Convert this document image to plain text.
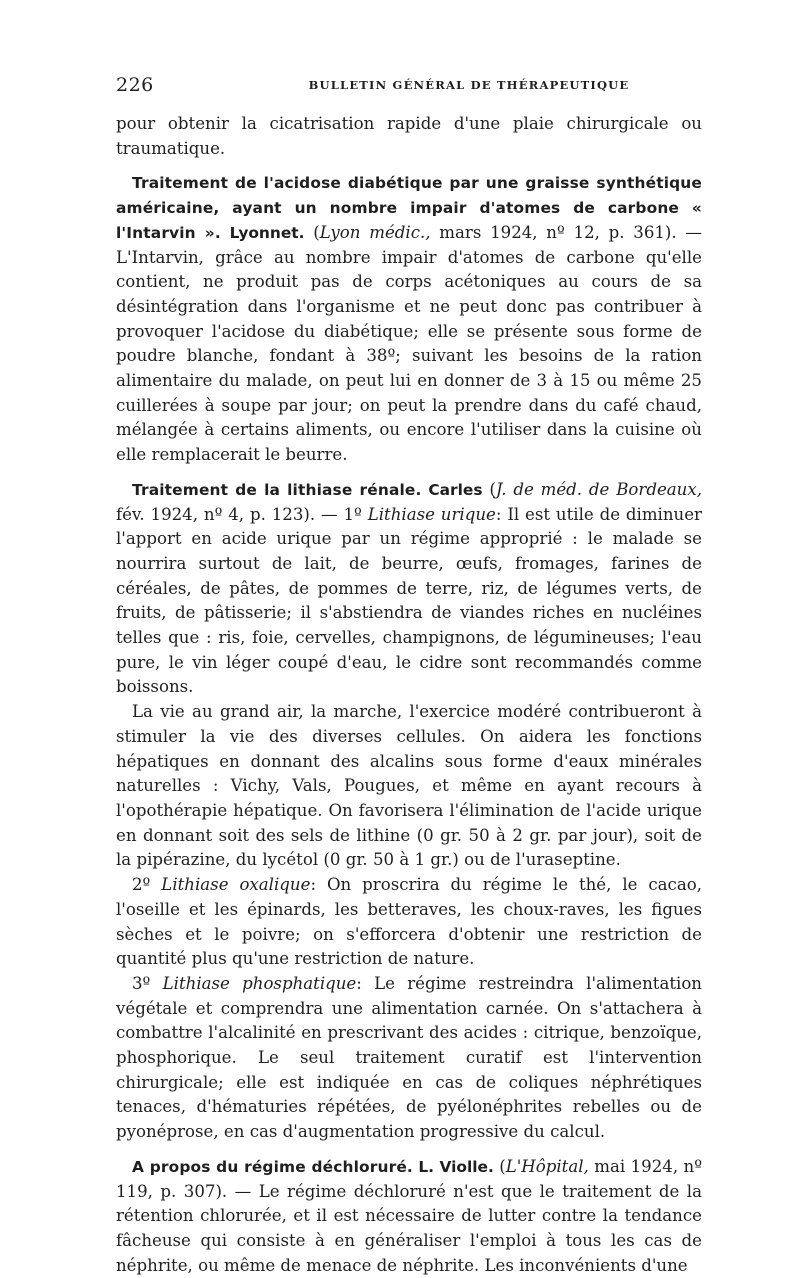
226	BULLETIN GÉNÉRAL DE THÉRAPEUTIQUE

pour obtenir la cicatrisation rapide d'une plaie chirurgicale ou traumatique.

Traitement de l'acidose diabétique par une graisse synthétique américaine, ayant un nombre impair d'atomes de carbone « l'Intarvin ». Lyonnet. (Lyon médic., mars 1924, nº 12, p. 361). — L'Intarvin, grâce au nombre impair d'atomes de carbone qu'elle contient, ne produit pas de corps acétoniques au cours de sa désintégration dans l'organisme et ne peut donc pas contribuer à provoquer l'acidose du diabétique; elle se présente sous forme de poudre blanche, fondant à 38º; suivant les besoins de la ration alimentaire du malade, on peut lui en donner de 3 à 15 ou même 25 cuillerées à soupe par jour; on peut la prendre dans du café chaud, mélangée à certains aliments, ou encore l'utiliser dans la cuisine où elle remplacerait le beurre.

Traitement de la lithiase rénale. Carles (J. de méd. de Bordeaux, fév. 1924, nº 4, p. 123). — 1º Lithiase urique: Il est utile de diminuer l'apport en acide urique par un régime approprié : le malade se nourrira surtout de lait, de beurre, œufs, fromages, farines de céréales, de pâtes, de pommes de terre, riz, de légumes verts, de fruits, de pâtisserie; il s'abstiendra de viandes riches en nucléines telles que : ris, foie, cervelles, champignons, de légumineuses; l'eau pure, le vin léger coupé d'eau, le cidre sont recommandés comme boissons.

La vie au grand air, la marche, l'exercice modéré contribueront à stimuler la vie des diverses cellules. On aidera les fonctions hépatiques en donnant des alcalins sous forme d'eaux minérales naturelles : Vichy, Vals, Pougues, et même en ayant recours à l'opothérapie hépatique. On favorisera l'élimination de l'acide urique en donnant soit des sels de lithine (0 gr. 50 à 2 gr. par jour), soit de la pipérazine, du lycétol (0 gr. 50 à 1 gr.) ou de l'uraseptine.

2º Lithiase oxalique: On proscrira du régime le thé, le cacao, l'oseille et les épinards, les betteraves, les choux-raves, les figues sèches et le poivre; on s'efforcera d'obtenir une restriction de quantité plus qu'une restriction de nature.

3º Lithiase phosphatique: Le régime restreindra l'alimentation végétale et comprendra une alimentation carnée. On s'attachera à combattre l'alcalinité en prescrivant des acides : citrique, benzoïque, phosphorique. Le seul traitement curatif est l'intervention chirurgicale; elle est indiquée en cas de coliques néphrétiques tenaces, d'hématuries répétées, de pyélonéphrites rebelles ou de pyonéprose, en cas d'augmentation progressive du calcul.

A propos du régime déchloruré. L. Violle. (L'Hôpital, mai 1924, nº 119, p. 307). — Le régime déchloruré n'est que le traitement de la rétention chlorurée, et il est nécessaire de lutter contre la tendance fâcheuse qui consiste à en généraliser l'emploi à tous les cas de néphrite, ou même de menace de néphrite. Les inconvénients d'une
